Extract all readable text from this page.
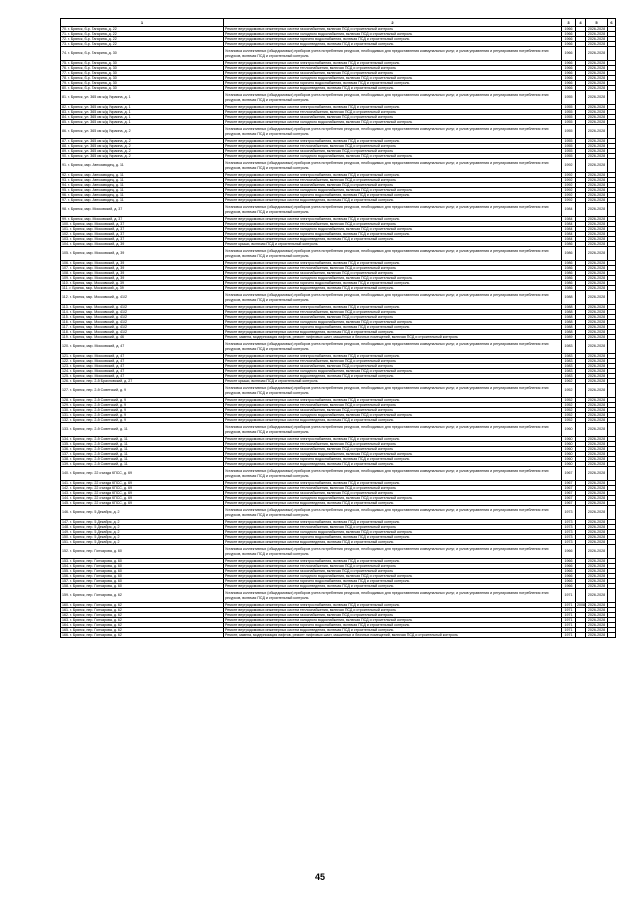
1	2	3	4	5	6
70. г. Брянск, б-р. Гагарина, д. 22	Ремонт внутридомовых инженерных систем газоснабжения, включая ПСД и строительный контроль	1966		2026-2028	
71. г. Брянск, б-р. Гагарина, д. 22	Ремонт внутридомовых инженерных систем холодного водоснабжения, включая ПСД и строительный контроль	1966		2026-2028	
72. г. Брянск, б-р. Гагарина, д. 22	Ремонт внутридомовых инженерных систем горячего водоснабжения, включая ПСД и строительный контроль	1966		2026-2028	
73. г. Брянск, б-р. Гагарина, д. 22	Ремонт внутридомовых инженерных систем водоотведения, включая ПСД и строительный контроль	1966		2026-2028	
74. г. Брянск, б-р. Гагарина, д. 30	Установка коллективных (общедомовых) приборов учета потребления ресурсов, необходимых для предоставления коммунальных услуг, и узлов управления и регулирования потребления этих ресурсов, включая ПСД и строительный контроль	1966		2026-2028	
75. г. Брянск, б-р. Гагарина, д. 30	Ремонт внутридомовых инженерных систем электроснабжения, включая ПСД и строительный контроль	1966		2026-2028	
76. г. Брянск, б-р. Гагарина, д. 30	Ремонт внутридомовых инженерных систем теплоснабжения, включая ПСД и строительный контроль	1966		2026-2028	
77. г. Брянск, б-р. Гагарина, д. 30	Ремонт внутридомовых инженерных систем газоснабжения, включая ПСД и строительный контроль	1966		2026-2028	
78. г. Брянск, б-р. Гагарина, д. 30	Ремонт внутридомовых инженерных систем холодного водоснабжения, включая ПСД и строительный контроль	1966		2026-2028	
79. г. Брянск, б-р. Гагарина, д. 30	Ремонт внутридомовых инженерных систем горячего водоснабжения, включая ПСД и строительный контроль	1966		2026-2028	
80. г. Брянск, б-р. Гагарина, д. 30	Ремонт внутридомовых инженерных систем водоотведения, включая ПСД и строительный контроль	1966		2026-2028	
81. г. Брянск, ул. 365 км ж/д Украина, д. 1	Установка коллективных (общедомовых) приборов учета потребления ресурсов, необходимых для предоставления коммунальных услуг, и узлов управления и регулирования потребления этих ресурсов, включая ПСД и строительный контроль	1955		2026-2028	
82. г. Брянск, ул. 365 км ж/д Украина, д. 1	Ремонт внутридомовых инженерных систем электроснабжения, включая ПСД и строительный контроль	1955		2026-2028	
83. г. Брянск, ул. 365 км ж/д Украина, д. 1	Ремонт внутридомовых инженерных систем теплоснабжения, включая ПСД и строительный контроль	1955		2026-2028	
84. г. Брянск, ул. 365 км ж/д Украина, д. 1	Ремонт внутридомовых инженерных систем газоснабжения, включая ПСД и строительный контроль	1955		2026-2028	
85. г. Брянск, ул. 365 км ж/д Украина, д. 1	Ремонт внутридомовых инженерных систем холодного водоснабжения, включая ПСД и строительный контроль	1955		2026-2028	
86. г. Брянск, ул. 365 км ж/д Украина, д. 2	Установка коллективных (общедомовых) приборов учета потребления ресурсов, необходимых для предоставления коммунальных услуг, и узлов управления и регулирования потребления этих ресурсов, включая ПСД и строительный контроль	1955		2026-2028	
87. г. Брянск, ул. 365 км ж/д Украина, д. 2	Ремонт внутридомовых инженерных систем электроснабжения, включая ПСД и строительный контроль	1955		2026-2028	
88. г. Брянск, ул. 365 км ж/д Украина, д. 2	Ремонт внутридомовых инженерных систем теплоснабжения, включая ПСД и строительный контроль	1955		2026-2028	
89. г. Брянск, ул. 365 км ж/д Украина, д. 2	Ремонт внутридомовых инженерных систем газоснабжения, включая ПСД и строительный контроль	1955		2026-2028	
90. г. Брянск, ул. 365 км ж/д Украина, д. 2	Ремонт внутридомовых инженерных систем холодного водоснабжения, включая ПСД и строительный контроль	1955		2026-2028	
91. г. Брянск, мкр. Автозаводец, д. 11	Установка коллективных (общедомовых) приборов учета потребления ресурсов, необходимых для предоставления коммунальных услуг, и узлов управления и регулирования потребления этих ресурсов, включая ПСД и строительный контроль	1992		2026-2028	
92. г. Брянск, мкр. Автозаводец, д. 11	Ремонт внутридомовых инженерных систем электроснабжения, включая ПСД и строительный контроль	1992		2026-2028	
93. г. Брянск, мкр. Автозаводец, д. 11	Ремонт внутридомовых инженерных систем теплоснабжения, включая ПСД и строительный контроль	1992		2026-2028	
94. г. Брянск, мкр. Автозаводец, д. 11	Ремонт внутридомовых инженерных систем газоснабжения, включая ПСД и строительный контроль	1992		2026-2028	
95. г. Брянск, мкр. Автозаводец, д. 11	Ремонт внутридомовых инженерных систем холодного водоснабжения, включая ПСД и строительный контроль	1992		2026-2028	
96. г. Брянск, мкр. Автозаводец, д. 11	Ремонт внутридомовых инженерных систем горячего водоснабжения, включая ПСД и строительный контроль	1992		2026-2028	
97. г. Брянск, мкр. Автозаводец, д. 11	Ремонт внутридомовых инженерных систем водоотведения, включая ПСД и строительный контроль	1992		2026-2028	
98. г. Брянск, мкр. Московский, д. 37	Установка коллективных (общедомовых) приборов учета потребления ресурсов, необходимых для предоставления коммунальных услуг, и узлов управления и регулирования потребления этих ресурсов, включая ПСД и строительный контроль	1984		2026-2028	
99. г. Брянск, мкр. Московский, д. 37	Ремонт внутридомовых инженерных систем электроснабжения, включая ПСД и строительный контроль	1984		2026-2028	
100. г. Брянск, мкр. Московский, д. 37	Ремонт внутридомовых инженерных систем теплоснабжения, включая ПСД и строительный контроль	1984		2026-2028	
101. г. Брянск, мкр. Московский, д. 37	Ремонт внутридомовых инженерных систем холодного водоснабжения, включая ПСД и строительный контроль	1984		2026-2028	
102. г. Брянск, мкр. Московский, д. 37	Ремонт внутридомовых инженерных систем горячего водоснабжения, включая ПСД и строительный контроль	1984		2026-2028	
103. г. Брянск, мкр. Московский, д. 37	Ремонт внутридомовых инженерных систем водоотведения, включая ПСД и строительный контроль	1984		2026-2028	
104. г. Брянск, мкр. Московский, д. 39	Ремонт крыши, включая ПСД и строительный контроль	1986		2026-2028	
105. г. Брянск, мкр. Московский, д. 39	Установка коллективных (общедомовых) приборов учета потребления ресурсов, необходимых для предоставления коммунальных услуг, и узлов управления и регулирования потребления этих ресурсов, включая ПСД и строительный контроль	1986		2026-2028	
106. г. Брянск, мкр. Московский, д. 39	Ремонт внутридомовых инженерных систем электроснабжения, включая ПСД и строительный контроль	1986		2026-2028	
107. г. Брянск, мкр. Московский, д. 39	Ремонт внутридомовых инженерных систем теплоснабжения, включая ПСД и строительный контроль	1986		2026-2028	
108. г. Брянск, мкр. Московский, д. 39	Ремонт внутридомовых инженерных систем газоснабжения, включая ПСД и строительный контроль	1986		2026-2028	
109. г. Брянск, мкр. Московский, д. 39	Ремонт внутридомовых инженерных систем холодного водоснабжения, включая ПСД и строительный контроль	1986		2026-2028	
110. г. Брянск, мкр. Московский, д. 39	Ремонт внутридомовых инженерных систем горячего водоснабжения, включая ПСД и строительный контроль	1986		2026-2028	
111. г. Брянск, мкр. Московский, д. 39	Ремонт внутридомовых инженерных систем водоотведения, включая ПСД и строительный контроль	1986		2026-2028	
112. г. Брянск, мкр. Московский, д. 41/2	Установка коллективных (общедомовых) приборов учета потребления ресурсов, необходимых для предоставления коммунальных услуг, и узлов управления и регулирования потребления этих ресурсов, включая ПСД и строительный контроль	1988		2026-2028	
113. г. Брянск, мкр. Московский, д. 41/2	Ремонт внутридомовых инженерных систем электроснабжения, включая ПСД и строительный контроль	1988		2026-2028	
114. г. Брянск, мкр. Московский, д. 41/2	Ремонт внутридомовых инженерных систем теплоснабжения, включая ПСД и строительный контроль	1988		2026-2028	
115. г. Брянск, мкр. Московский, д. 41/2	Ремонт внутридомовых инженерных систем газоснабжения, включая ПСД и строительный контроль	1988		2026-2028	
116. г. Брянск, мкр. Московский, д. 41/2	Ремонт внутридомовых инженерных систем холодного водоснабжения, включая ПСД и строительный контроль	1988		2026-2028	
117. г. Брянск, мкр. Московский, д. 41/2	Ремонт внутридомовых инженерных систем горячего водоснабжения, включая ПСД и строительный контроль	1988		2026-2028	
118. г. Брянск, мкр. Московский, д. 41/2	Ремонт внутридомовых инженерных систем водоотведения, включая ПСД и строительный контроль	1988		2026-2028	
119. г. Брянск, мкр. Московский, д. 46	Ремонт, замена, модернизация лифтов, ремонт лифтовых шахт, машинных и блочных помещений, включая ПСД и строительный контроль	1989		2026-2028	
120. г. Брянск, мкр. Московский, д. 47	Установка коллективных (общедомовых) приборов учета потребления ресурсов, необходимых для предоставления коммунальных услуг, и узлов управления и регулирования потребления этих ресурсов, включая ПСД и строительный контроль	1983		2026-2028	
121. г. Брянск, мкр. Московский, д. 47	Ремонт внутридомовых инженерных систем электроснабжения, включая ПСД и строительный контроль	1983		2026-2028	
122. г. Брянск, мкр. Московский, д. 47	Ремонт внутридомовых инженерных систем теплоснабжения, включая ПСД и строительный контроль	1983		2026-2028	
123. г. Брянск, мкр. Московский, д. 47	Ремонт внутридомовых инженерных систем газоснабжения, включая ПСД и строительный контроль	1983		2026-2028	
124. г. Брянск, мкр. Московский, д. 47	Ремонт внутридомовых инженерных систем холодного водоснабжения, включая ПСД и строительный контроль	1983		2026-2028	
125. г. Брянск, мкр. Московский, д. 47	Ремонт внутридомовых инженерных систем водоотведения, включая ПСД и строительный контроль	1983		2026-2028	
126. г. Брянск, пер. 2-й Брахловский, д. 27	Ремонт крыши, включая ПСД и строительный контроль	1962		2026-2028	
127. г. Брянск, пер. 2-й Советский, д. 9	Установка коллективных (общедомовых) приборов учета потребления ресурсов, необходимых для предоставления коммунальных услуг, и узлов управления и регулирования потребления этих ресурсов, включая ПСД и строительный контроль	1952		2026-2028	
128. г. Брянск, пер. 2-й Советский, д. 9	Ремонт внутридомовых инженерных систем электроснабжения, включая ПСД и строительный контроль	1952		2026-2028	
129. г. Брянск, пер. 2-й Советский, д. 9	Ремонт внутридомовых инженерных систем теплоснабжения, включая ПСД и строительный контроль	1952		2026-2028	
130. г. Брянск, пер. 2-й Советский, д. 9	Ремонт внутридомовых инженерных систем газоснабжения, включая ПСД и строительный контроль	1952		2026-2028	
131. г. Брянск, пер. 2-й Советский, д. 9	Ремонт внутридомовых инженерных систем холодного водоснабжения, включая ПСД и строительный контроль	1952		2026-2028	
132. г. Брянск, пер. 2-й Советский, д. 9	Ремонт внутридомовых инженерных систем водоотведения, включая ПСД и строительный контроль	1952		2026-2028	
133. г. Брянск, пер. 2-й Советский, д. 11	Установка коллективных (общедомовых) приборов учета потребления ресурсов, необходимых для предоставления коммунальных услуг, и узлов управления и регулирования потребления этих ресурсов, включая ПСД и строительный контроль	1960		2026-2028	
134. г. Брянск, пер. 2-й Советский, д. 11	Ремонт внутридомовых инженерных систем электроснабжения, включая ПСД и строительный контроль	1960		2026-2028	
135. г. Брянск, пер. 2-й Советский, д. 11	Ремонт внутридомовых инженерных систем теплоснабжения, включая ПСД и строительный контроль	1960		2026-2028	
136. г. Брянск, пер. 2-й Советский, д. 11	Ремонт внутридомовых инженерных систем газоснабжения, включая ПСД и строительный контроль	1960		2026-2028	
137. г. Брянск, пер. 2-й Советский, д. 11	Ремонт внутридомовых инженерных систем холодного водоснабжения, включая ПСД и строительный контроль	1960		2026-2028	
138. г. Брянск, пер. 2-й Советский, д. 11	Ремонт внутридомовых инженерных систем горячего водоснабжения, включая ПСД и строительный контроль	1960		2026-2028	
139. г. Брянск, пер. 2-й Советский, д. 11	Ремонт внутридомовых инженерных систем водоотведения, включая ПСД и строительный контроль	1960		2026-2028	
140. г. Брянск, пер. 22 съезда КПСС, д. 69	Установка коллективных (общедомовых) приборов учета потребления ресурсов, необходимых для предоставления коммунальных услуг, и узлов управления и регулирования потребления этих ресурсов, включая ПСД и строительный контроль	1967		2026-2028	
141. г. Брянск, пер. 22 съезда КПСС, д. 69	Ремонт внутридомовых инженерных систем электроснабжения, включая ПСД и строительный контроль	1967		2026-2028	
142. г. Брянск, пер. 22 съезда КПСС, д. 69	Ремонт внутридомовых инженерных систем теплоснабжения, включая ПСД и строительный контроль	1967		2026-2028	
143. г. Брянск, пер. 22 съезда КПСС, д. 69	Ремонт внутридомовых инженерных систем газоснабжения, включая ПСД и строительный контроль	1967		2026-2028	
144. г. Брянск, пер. 22 съезда КПСС, д. 69	Ремонт внутридомовых инженерных систем холодного водоснабжения, включая ПСД и строительный контроль	1967		2026-2028	
145. г. Брянск, пер. 22 съезда КПСС, д. 69	Ремонт внутридомовых инженерных систем водоотведения, включая ПСД и строительный контроль	1967		2026-2028	
146. г. Брянск, пер. 5 Декабря, д. 2	Установка коллективных (общедомовых) приборов учета потребления ресурсов, необходимых для предоставления коммунальных услуг, и узлов управления и регулирования потребления этих ресурсов, включая ПСД и строительный контроль	1973		2026-2028	
147. г. Брянск, пер. 5 Декабря, д. 2	Ремонт внутридомовых инженерных систем электроснабжения, включая ПСД и строительный контроль	1973		2026-2028	
148. г. Брянск, пер. 5 Декабря, д. 2	Ремонт внутридомовых инженерных систем теплоснабжения, включая ПСД и строительный контроль	1973		2026-2028	
149. г. Брянск, пер. 5 Декабря, д. 2	Ремонт внутридомовых инженерных систем холодного водоснабжения, включая ПСД и строительный контроль	1973		2026-2028	
150. г. Брянск, пер. 5 Декабря, д. 2	Ремонт внутридомовых инженерных систем горячего водоснабжения, включая ПСД и строительный контроль	1973		2026-2028	
151. г. Брянск, пер. 5 Декабря, д. 2	Ремонт внутридомовых инженерных систем водоотведения, включая ПСД и строительный контроль	1973		2026-2028	
152. г. Брянск, пер. Гончарова, д. 60	Установка коллективных (общедомовых) приборов учета потребления ресурсов, необходимых для предоставления коммунальных услуг, и узлов управления и регулирования потребления этих ресурсов, включая ПСД и строительный контроль	1966		2026-2028	
153. г. Брянск, пер. Гончарова, д. 60	Ремонт внутридомовых инженерных систем электроснабжения, включая ПСД и строительный контроль	1966		2026-2028	
154. г. Брянск, пер. Гончарова, д. 60	Ремонт внутридомовых инженерных систем теплоснабжения, включая ПСД и строительный контроль	1966		2026-2028	
155. г. Брянск, пер. Гончарова, д. 60	Ремонт внутридомовых инженерных систем газоснабжения, включая ПСД и строительный контроль	1966		2026-2028	
156. г. Брянск, пер. Гончарова, д. 60	Ремонт внутридомовых инженерных систем холодного водоснабжения, включая ПСД и строительный контроль	1966		2026-2028	
157. г. Брянск, пер. Гончарова, д. 60	Ремонт внутридомовых инженерных систем горячего водоснабжения, включая ПСД и строительный контроль	1966		2026-2028	
158. г. Брянск, пер. Гончарова, д. 60	Ремонт внутридомовых инженерных систем водоотведения, включая ПСД и строительный контроль	1966		2026-2028	
159. г. Брянск, пер. Гончарова, д. 62	Установка коллективных (общедомовых) приборов учета потребления ресурсов, необходимых для предоставления коммунальных услуг, и узлов управления и регулирования потребления этих ресурсов, включая ПСД и строительный контроль	1971		2026-2028	
160. г. Брянск, пер. Гончарова, д. 62	Ремонт внутридомовых инженерных систем электроснабжения, включая ПСД и строительный контроль	1971	2008	2026-2028	
161. г. Брянск, пер. Гончарова, д. 62	Ремонт внутридомовых инженерных систем теплоснабжения, включая ПСД и строительный контроль	1971		2026-2028	
162. г. Брянск, пер. Гончарова, д. 62	Ремонт внутридомовых инженерных систем газоснабжения, включая ПСД и строительный контроль	1971		2026-2028	
163. г. Брянск, пер. Гончарова, д. 62	Ремонт внутридомовых инженерных систем холодного водоснабжения, включая ПСД и строительный контроль	1971		2026-2028	
164. г. Брянск, пер. Гончарова, д. 62	Ремонт внутридомовых инженерных систем горячего водоснабжения, включая ПСД и строительный контроль	1971		2026-2028	
165. г. Брянск, пер. Гончарова, д. 62	Ремонт внутридомовых инженерных систем водоотведения, включая ПСД и строительный контроль	1971		2026-2028	
166. г. Брянск, пер. Гончарова, д. 62	Ремонт, замена, модернизация лифтов, ремонт лифтовых шахт, машинных и блочных помещений, включая ПСД и строительный контроль	1971		2026-2028	
45
